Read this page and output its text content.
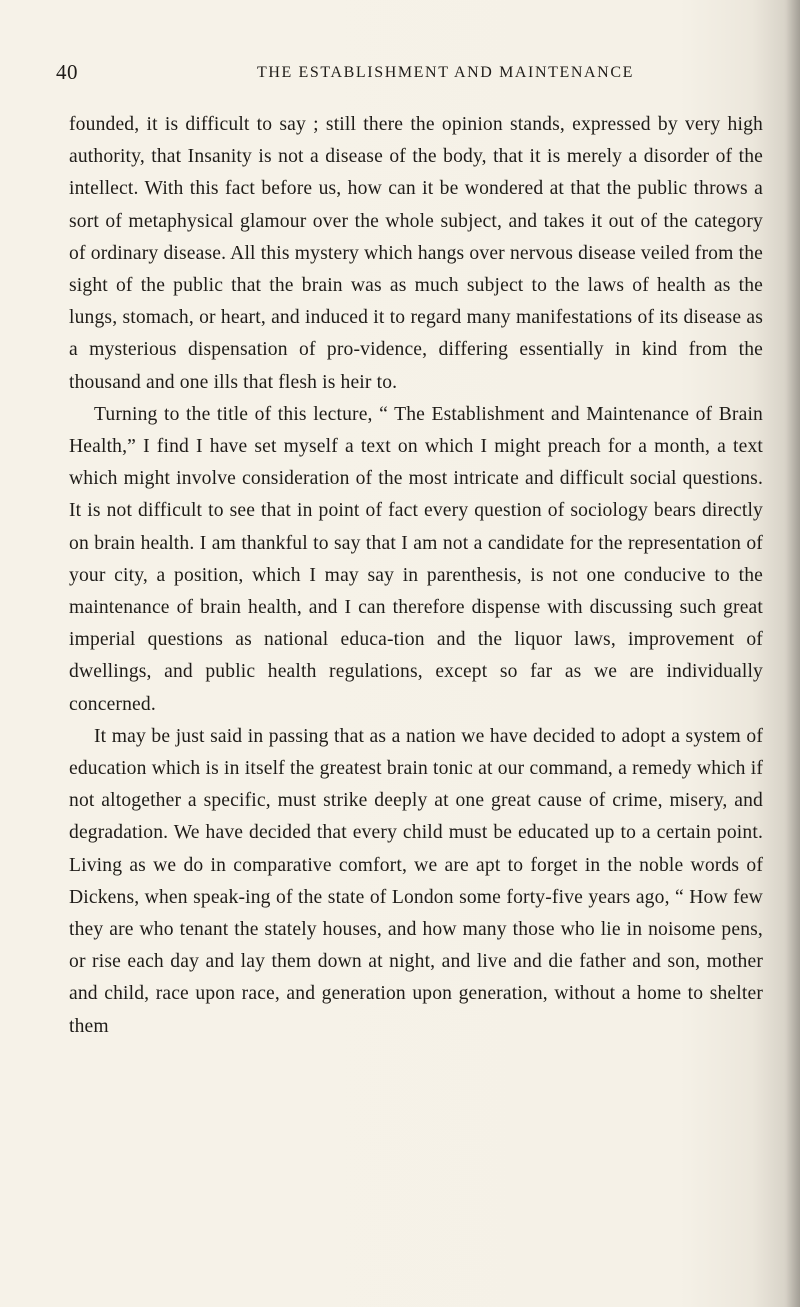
40	THE ESTABLISHMENT AND MAINTENANCE

founded, it is difficult to say ; still there the opinion stands, expressed by very high authority, that Insanity is not a disease of the body, that it is merely a disorder of the intellect. With this fact before us, how can it be wondered at that the public throws a sort of metaphysical glamour over the whole subject, and takes it out of the category of ordinary disease. All this mystery which hangs over nervous disease veiled from the sight of the public that the brain was as much subject to the laws of health as the lungs, stomach, or heart, and induced it to regard many manifestations of its disease as a mysterious dispensation of pro-vidence, differing essentially in kind from the thousand and one ills that flesh is heir to.

Turning to the title of this lecture, “ The Establishment and Maintenance of Brain Health,” I find I have set myself a text on which I might preach for a month, a text which might involve consideration of the most intricate and difficult social questions. It is not difficult to see that in point of fact every question of sociology bears directly on brain health. I am thankful to say that I am not a candidate for the representation of your city, a position, which I may say in parenthesis, is not one conducive to the maintenance of brain health, and I can therefore dispense with discussing such great imperial questions as national educa-tion and the liquor laws, improvement of dwellings, and public health regulations, except so far as we are individually concerned.

It may be just said in passing that as a nation we have decided to adopt a system of education which is in itself the greatest brain tonic at our command, a remedy which if not altogether a specific, must strike deeply at one great cause of crime, misery, and degradation. We have decided that every child must be educated up to a certain point. Living as we do in comparative comfort, we are apt to forget in the noble words of Dickens, when speak-ing of the state of London some forty-five years ago, “ How few they are who tenant the stately houses, and how many those who lie in noisome pens, or rise each day and lay them down at night, and live and die father and son, mother and child, race upon race, and generation upon generation, without a home to shelter them
